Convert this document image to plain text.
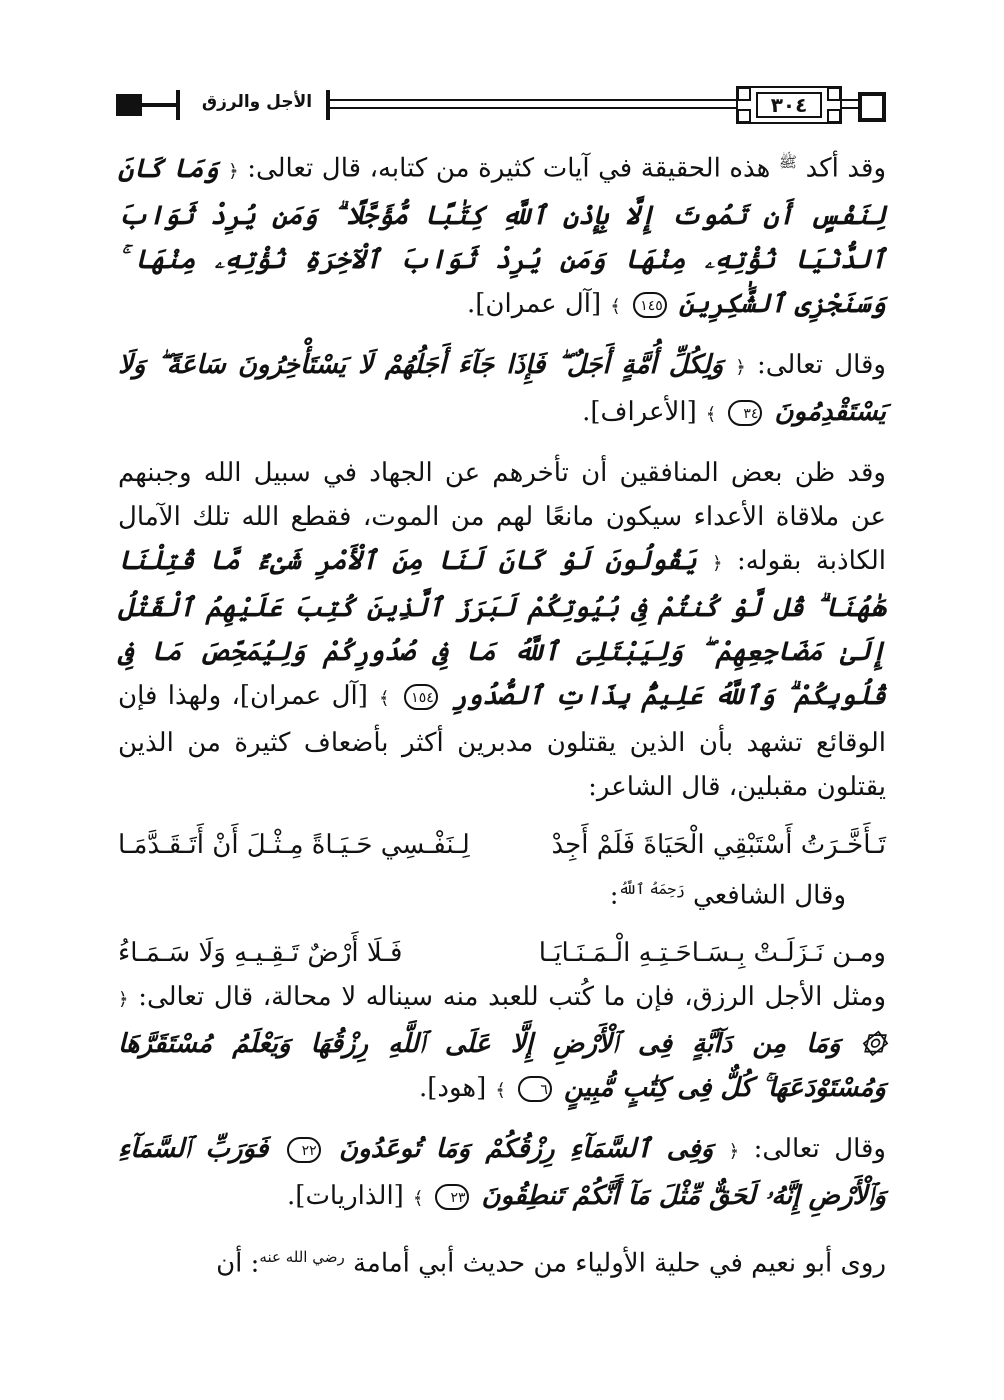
الأجل والرزق	٣٠٤

وقد أكد $^ﷺ$ هذه الحقيقة في آيات كثيرة من كتابه، قال تعالى: ﴿ وَمَا كَانَ لِنَفْسٍ أَن تَمُوتَ إِلَّا بِإِذْنِ ٱللَّهِ كِتَٰبًا مُّؤَجَّلًا ۗ وَمَن يُرِدْ ثَوَابَ ٱلدُّنْيَا نُؤْتِهِۦ مِنْهَا وَمَن يُرِدْ ثَوَابَ ٱلْآخِرَةِ نُؤْتِهِۦ مِنْهَا ۚ وَسَنَجْزِى ٱلشَّٰكِرِينَ ١٤٥ ﴾ [آل عمران].

وقال تعالى: ﴿ وَلِكُلِّ أُمَّةٍ أَجَلٌ ۖ فَإِذَا جَآءَ أَجَلُهُمْ لَا يَسْتَأْخِرُونَ سَاعَةً ۖ وَلَا يَسْتَقْدِمُونَ ٣٤ ﴾ [الأعراف].

وقد ظن بعض المنافقين أن تأخرهم عن الجهاد في سبيل الله وجبنهم عن ملاقاة الأعداء سيكون مانعًا لهم من الموت، فقطع الله تلك الآمال الكاذبة بقوله: ﴿ يَقُولُونَ لَوْ كَانَ لَنَا مِنَ ٱلْأَمْرِ شَىْءٌ مَّا قُتِلْنَا هَٰهُنَا ۗ قُل لَّوْ كُنتُمْ فِى بُيُوتِكُمْ لَبَرَزَ ٱلَّذِينَ كُتِبَ عَلَيْهِمُ ٱلْقَتْلُ إِلَىٰ مَضَاجِعِهِمْ ۖ وَلِيَبْتَلِىَ ٱللَّهُ مَا فِى صُدُورِكُمْ وَلِيُمَحِّصَ مَا فِى قُلُوبِكُمْ ۗ وَٱللَّهُ عَلِيمٌۢ بِذَاتِ ٱلصُّدُورِ ١٥٤ ﴾ [آل عمران]، ولهذا فإن الوقائع تشهد بأن الذين يقتلون مدبرين أكثر بأضعاف كثيرة من الذين يقتلون مقبلين، قال الشاعر:

تَـأَخَّـرَتُ أَسْتَبْقِي الْحَيَاةَ فَلَمْ أَجِدْ
لِـنَفْـسِي حَـيَـاةً مِـثْـلَ أَنْ أَتَـقَـدَّمَـا

وقال الشافعي $^{رَحِمَهُ ٱللَّهُ}$:

ومـن نَـزَلَـتْ بِـسَـاحَـتِـهِ الْـمَـنَـايَـا
فَـلَا أَرْضٌ تَـقِـيـهِ وَلَا سَـمَـاءُ

ومثل الأجل الرزق، فإن ما كُتب للعبد منه سيناله لا محالة، قال تعالى: ﴿ ۞ وَمَا مِن دَآبَّةٍ فِى ٱلْأَرْضِ إِلَّا عَلَى ٱللَّهِ رِزْقُهَا وَيَعْلَمُ مُسْتَقَرَّهَا وَمُسْتَوْدَعَهَا ۚ كُلٌّ فِى كِتَٰبٍ مُّبِينٍ ٦ ﴾ [هود].

وقال تعالى: ﴿ وَفِى ٱلسَّمَآءِ رِزْقُكُمْ وَمَا تُوعَدُونَ ٢٢ فَوَرَبِّ ٱلسَّمَآءِ وَٱلْأَرْضِ إِنَّهُۥ لَحَقٌّ مِّثْلَ مَآ أَنَّكُمْ تَنطِقُونَ ٢٣ ﴾ [الذاريات].

روى أبو نعيم في حلية الأولياء من حديث أبي أمامة $^{رضي الله عنه}$: أن
